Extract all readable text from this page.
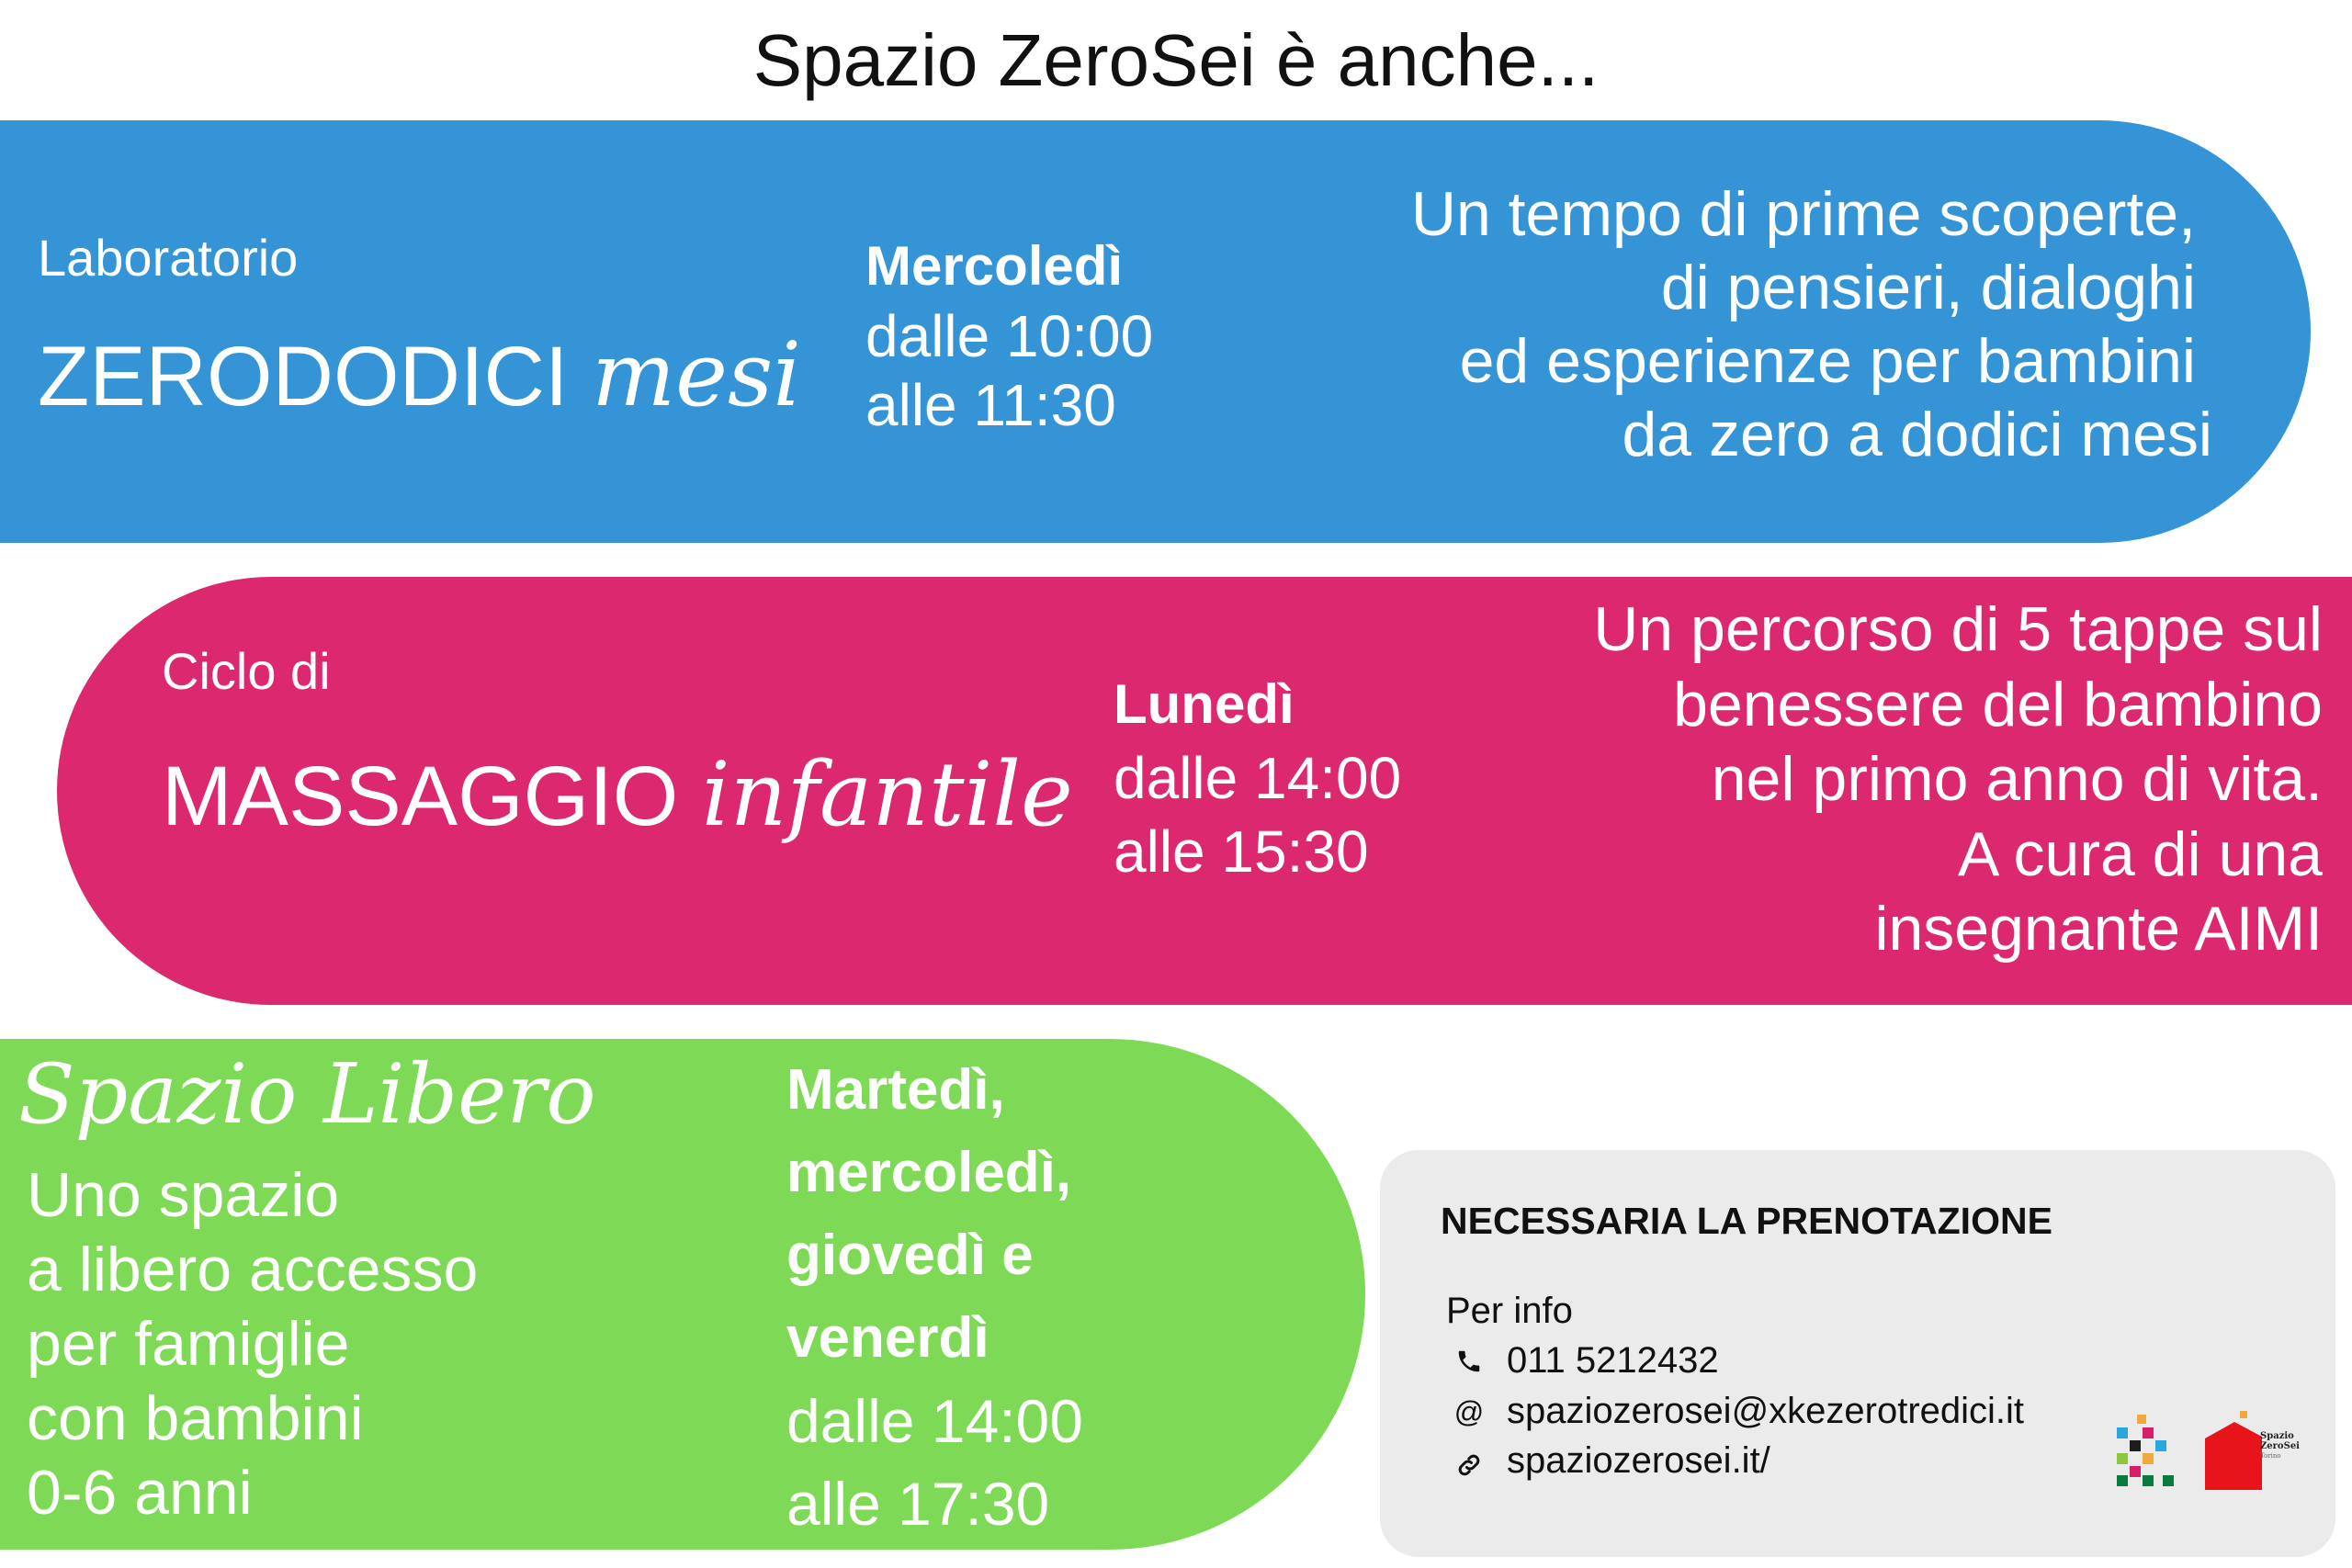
Spazio ZeroSei è anche...
Laboratorio
ZERODODICI mesi
Mercoledì
dalle 10:00
alle 11:30
Un tempo di prime scoperte,
di pensieri, dialoghi
ed esperienze per bambini
da zero a dodici mesi
Ciclo di
MASSAGGIO infantile
Lunedì
dalle 14:00
alle 15:30
Un percorso di 5 tappe sul
benessere del bambino
nel primo anno di vita.
A cura di una
insegnante AIMI
Spazio Libero
Uno spazio
a libero accesso
per famiglie
con bambini
0-6 anni
Martedì,
mercoledì,
giovedì e
venerdì
dalle 14:00
alle 17:30
NECESSARIA LA PRENOTAZIONE
Per info
011 5212432
@ spaziozerosei@xkezerotredici.it
spaziozerosei.it/
Spazio
ZeroSei
Torino
